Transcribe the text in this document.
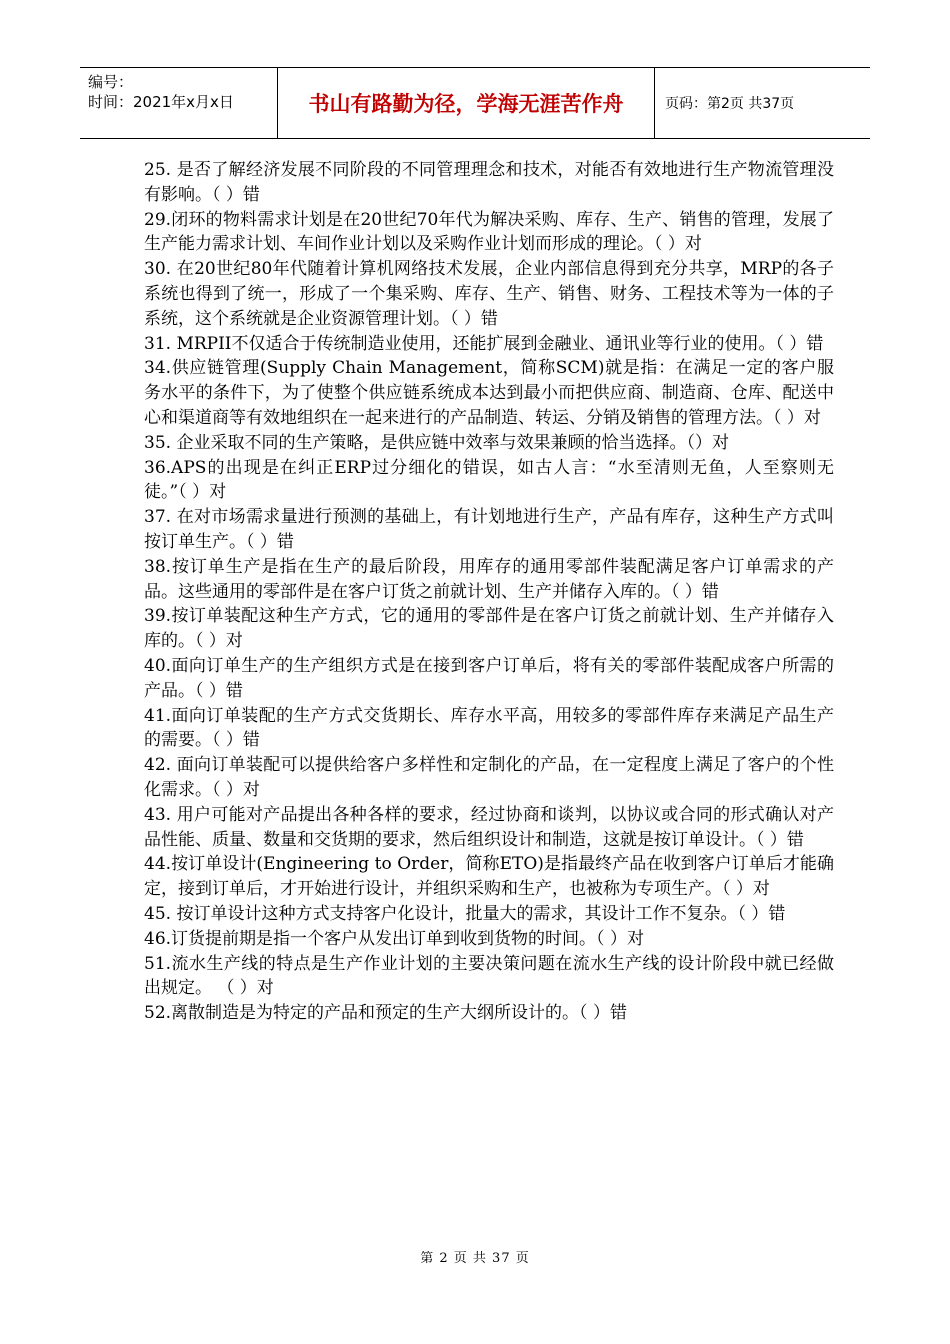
编号：
时间：2021年x月x日	书山有路勤为径，学海无涯苦作舟	页码：第2页 共37页

25. 是否了解经济发展不同阶段的不同管理理念和技术，对能否有效地进行生产物流管理没有影响。（ ）错

29.闭环的物料需求计划是在20世纪70年代为解决采购、库存、生产、销售的管理，发展了生产能力需求计划、车间作业计划以及采购作业计划而形成的理论。（ ）对

30. 在20世纪80年代随着计算机网络技术发展，企业内部信息得到充分共享，MRP的各子系统也得到了统一，形成了一个集采购、库存、生产、销售、财务、工程技术等为一体的子系统，这个系统就是企业资源管理计划。（ ）错

31. MRPII不仅适合于传统制造业使用，还能扩展到金融业、通讯业等行业的使用。（ ）错

34.供应链管理(Supply Chain Management，简称SCM)就是指：在满足一定的客户服务水平的条件下，为了使整个供应链系统成本达到最小而把供应商、制造商、仓库、配送中心和渠道商等有效地组织在一起来进行的产品制造、转运、分销及销售的管理方法。（ ）对

35. 企业采取不同的生产策略，是供应链中效率与效果兼顾的恰当选择。（）对

36.APS的出现是在纠正ERP过分细化的错误，如古人言：“水至清则无鱼，人至察则无徒。”（ ）对

37. 在对市场需求量进行预测的基础上，有计划地进行生产，产品有库存，这种生产方式叫按订单生产。（ ）错

38.按订单生产是指在生产的最后阶段，用库存的通用零部件装配满足客户订单需求的产品。这些通用的零部件是在客户订货之前就计划、生产并储存入库的。（ ）错

39.按订单装配这种生产方式，它的通用的零部件是在客户订货之前就计划、生产并储存入库的。（ ）对

40.面向订单生产的生产组织方式是在接到客户订单后，将有关的零部件装配成客户所需的产品。（ ）错

41.面向订单装配的生产方式交货期长、库存水平高，用较多的零部件库存来满足产品生产的需要。（ ）错

42. 面向订单装配可以提供给客户多样性和定制化的产品，在一定程度上满足了客户的个性化需求。（ ）对

43. 用户可能对产品提出各种各样的要求，经过协商和谈判，以协议或合同的形式确认对产品性能、质量、数量和交货期的要求，然后组织设计和制造，这就是按订单设计。（ ）错

44.按订单设计(Engineering to Order，简称ETO)是指最终产品在收到客户订单后才能确定，接到订单后，才开始进行设计，并组织采购和生产，也被称为专项生产。（ ）对

45. 按订单设计这种方式支持客户化设计，批量大的需求，其设计工作不复杂。（ ）错

46.订货提前期是指一个客户从发出订单到收到货物的时间。（ ）对

51.流水生产线的特点是生产作业计划的主要决策问题在流水生产线的设计阶段中就已经做出规定。 （ ）对

52.离散制造是为特定的产品和预定的生产大纲所设计的。（ ）错

第 2 页 共 37 页
